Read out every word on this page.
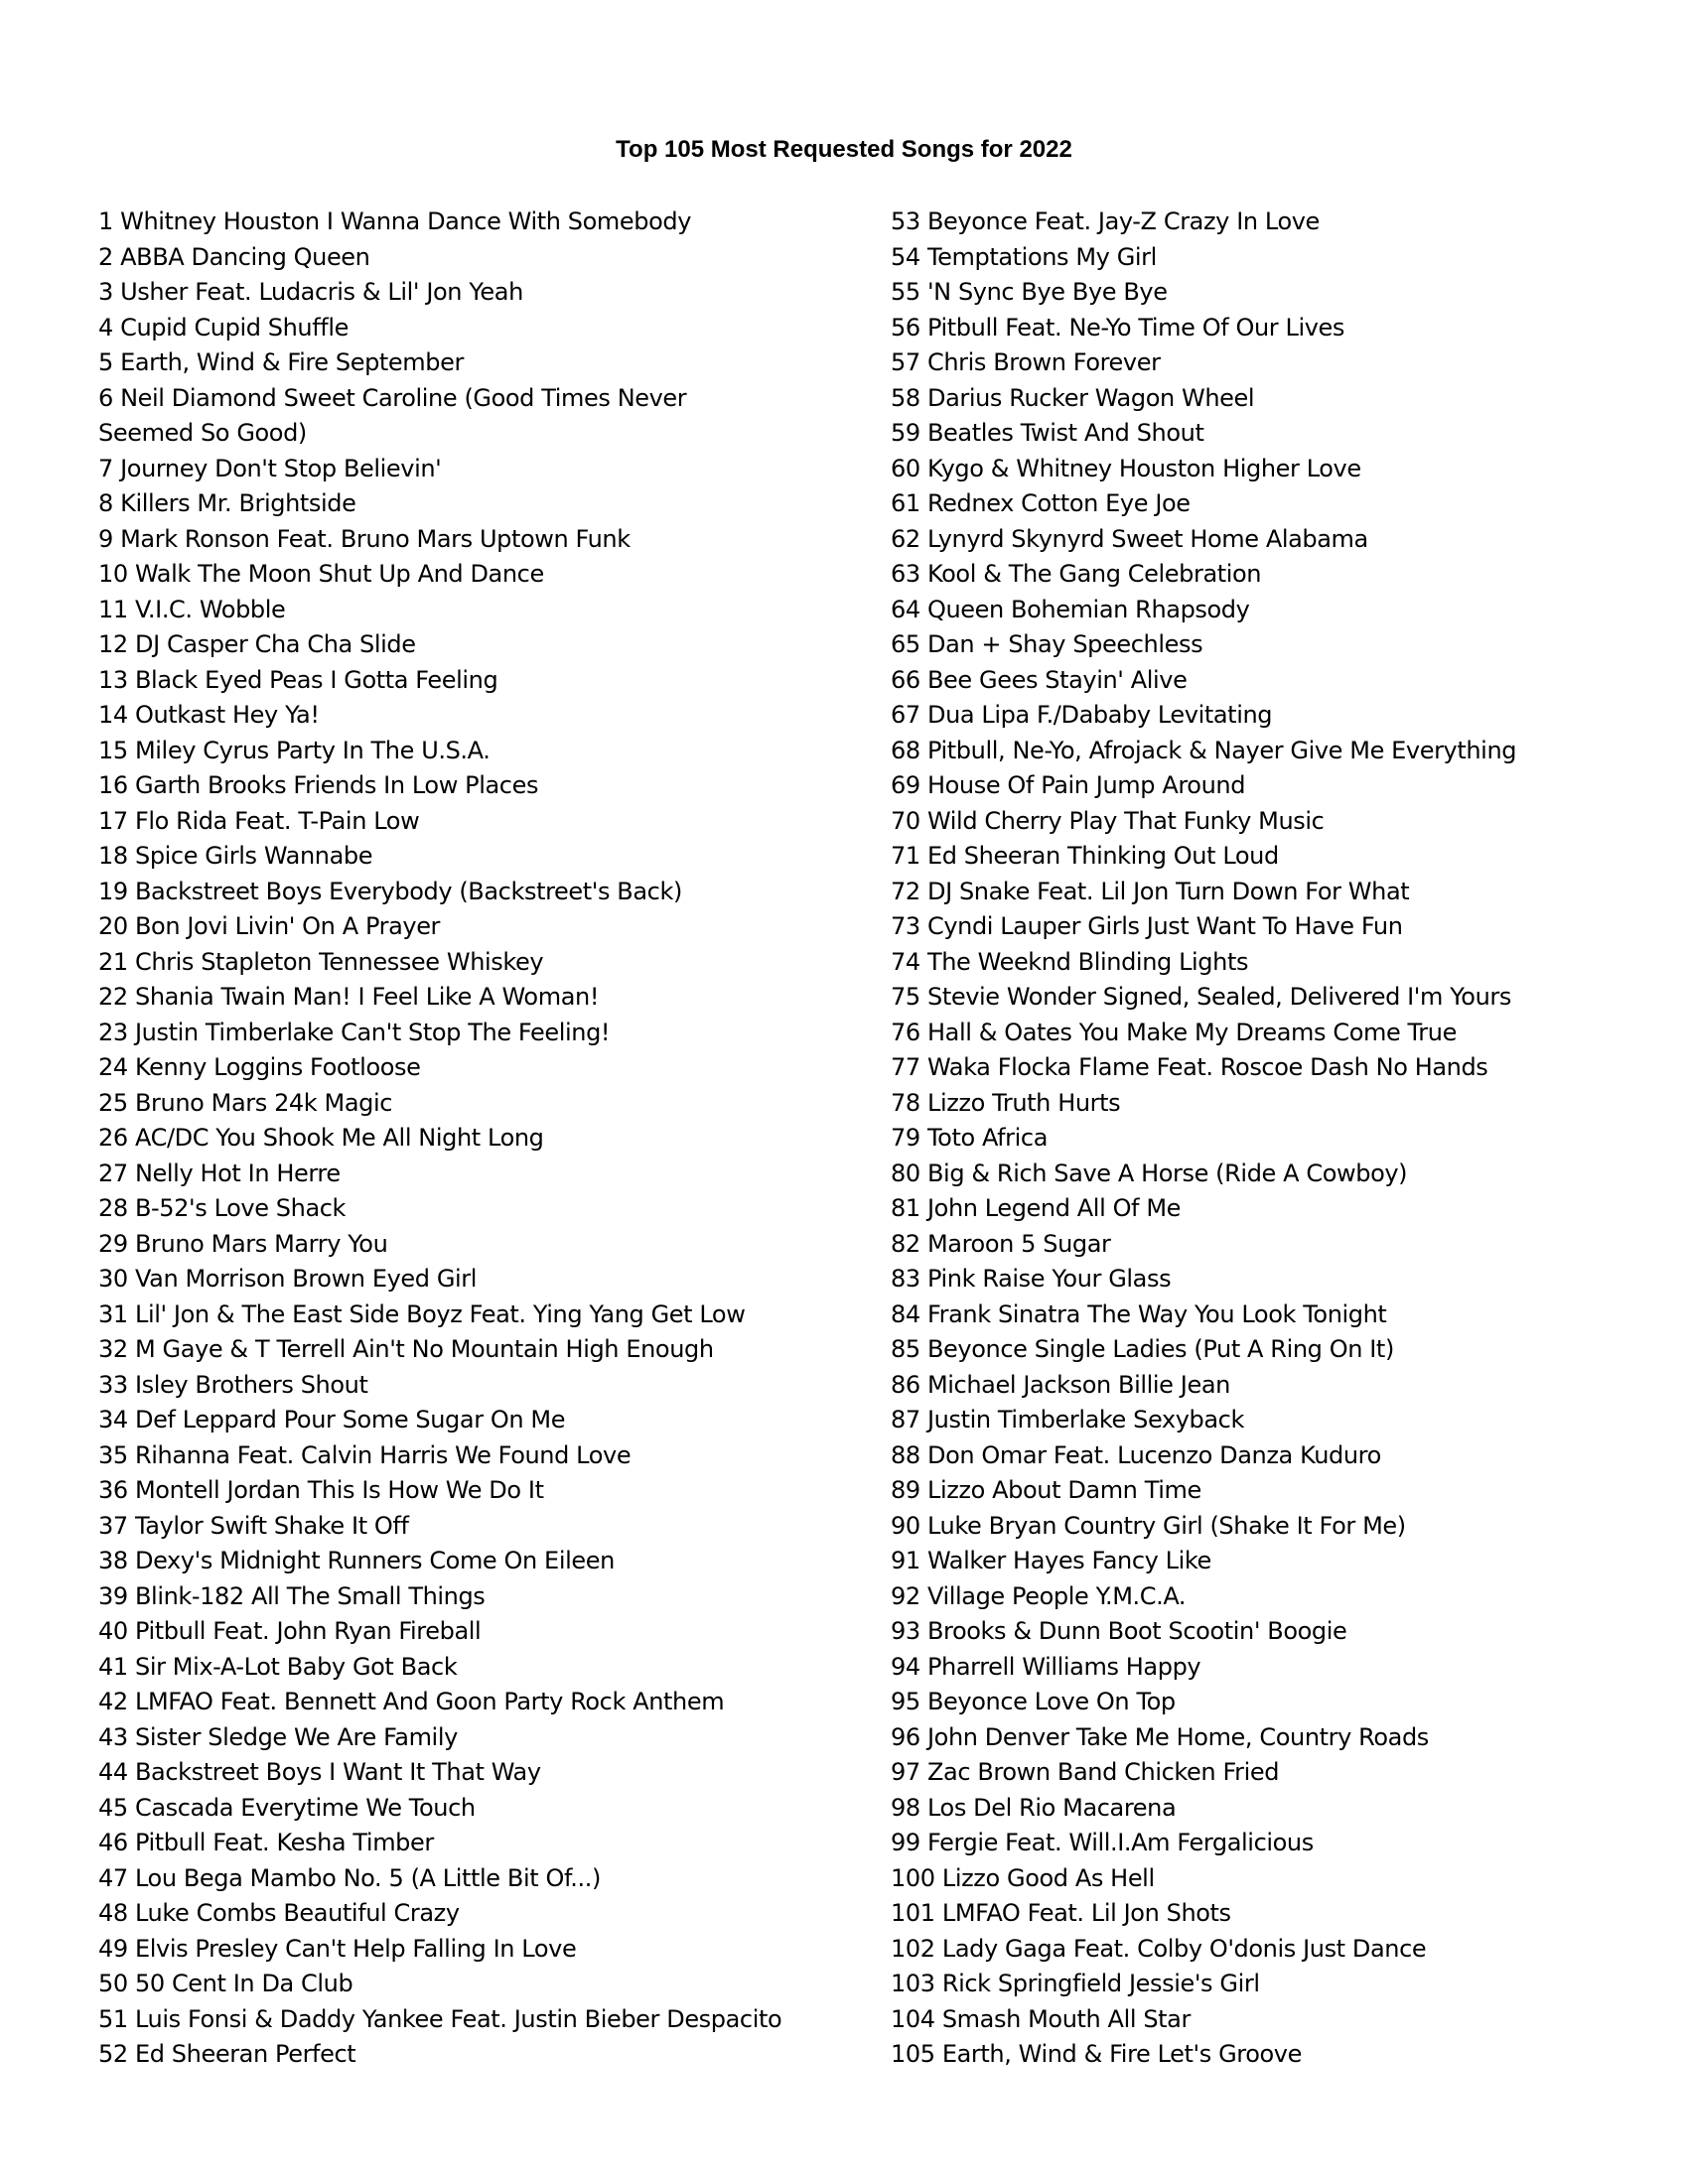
Top 105 Most Requested Songs for 2022
1 Whitney Houston I Wanna Dance With Somebody
2 ABBA Dancing Queen
3 Usher Feat. Ludacris & Lil' Jon Yeah
4 Cupid Cupid Shuffle
5 Earth, Wind & Fire September
6 Neil Diamond Sweet Caroline (Good Times Never
Seemed So Good)
7 Journey Don't Stop Believin'
8 Killers Mr. Brightside
9 Mark Ronson Feat. Bruno Mars Uptown Funk
10 Walk The Moon Shut Up And Dance
11 V.I.C. Wobble
12 DJ Casper Cha Cha Slide
13 Black Eyed Peas I Gotta Feeling
14 Outkast Hey Ya!
15 Miley Cyrus Party In The U.S.A.
16 Garth Brooks Friends In Low Places
17 Flo Rida Feat. T-Pain Low
18 Spice Girls Wannabe
19 Backstreet Boys Everybody (Backstreet's Back)
20 Bon Jovi Livin' On A Prayer
21 Chris Stapleton Tennessee Whiskey
22 Shania Twain Man! I Feel Like A Woman!
23 Justin Timberlake Can't Stop The Feeling!
24 Kenny Loggins Footloose
25 Bruno Mars 24k Magic
26 AC/DC You Shook Me All Night Long
27 Nelly Hot In Herre
28 B-52's Love Shack
29 Bruno Mars Marry You
30 Van Morrison Brown Eyed Girl
31 Lil' Jon & The East Side Boyz Feat. Ying Yang Get Low
32 M Gaye & T Terrell Ain't No Mountain High Enough
33 Isley Brothers Shout
34 Def Leppard Pour Some Sugar On Me
35 Rihanna Feat. Calvin Harris We Found Love
36 Montell Jordan This Is How We Do It
37 Taylor Swift Shake It Off
38 Dexy's Midnight Runners Come On Eileen
39 Blink-182 All The Small Things
40 Pitbull Feat. John Ryan Fireball
41 Sir Mix-A-Lot Baby Got Back
42 LMFAO Feat. Bennett And Goon Party Rock Anthem
43 Sister Sledge We Are Family
44 Backstreet Boys I Want It That Way
45 Cascada Everytime We Touch
46 Pitbull Feat. Kesha Timber
47 Lou Bega Mambo No. 5 (A Little Bit Of...)
48 Luke Combs Beautiful Crazy
49 Elvis Presley Can't Help Falling In Love
50 50 Cent In Da Club
51 Luis Fonsi & Daddy Yankee Feat. Justin Bieber Despacito
52 Ed Sheeran Perfect
53 Beyonce Feat. Jay-Z Crazy In Love
54 Temptations My Girl
55 'N Sync Bye Bye Bye
56 Pitbull Feat. Ne-Yo Time Of Our Lives
57 Chris Brown Forever
58 Darius Rucker Wagon Wheel
59 Beatles Twist And Shout
60 Kygo & Whitney Houston Higher Love
61 Rednex Cotton Eye Joe
62 Lynyrd Skynyrd Sweet Home Alabama
63 Kool & The Gang Celebration
64 Queen Bohemian Rhapsody
65 Dan + Shay Speechless
66 Bee Gees Stayin' Alive
67 Dua Lipa F./Dababy Levitating
68 Pitbull, Ne-Yo, Afrojack & Nayer Give Me Everything
69 House Of Pain Jump Around
70 Wild Cherry Play That Funky Music
71 Ed Sheeran Thinking Out Loud
72 DJ Snake Feat. Lil Jon Turn Down For What
73 Cyndi Lauper Girls Just Want To Have Fun
74 The Weeknd Blinding Lights
75 Stevie Wonder Signed, Sealed, Delivered I'm Yours
76 Hall & Oates You Make My Dreams Come True
77 Waka Flocka Flame Feat. Roscoe Dash No Hands
78 Lizzo Truth Hurts
79 Toto Africa
80 Big & Rich Save A Horse (Ride A Cowboy)
81 John Legend All Of Me
82 Maroon 5 Sugar
83 Pink Raise Your Glass
84 Frank Sinatra The Way You Look Tonight
85 Beyonce Single Ladies (Put A Ring On It)
86 Michael Jackson Billie Jean
87 Justin Timberlake Sexyback
88 Don Omar Feat. Lucenzo Danza Kuduro
89 Lizzo About Damn Time
90 Luke Bryan Country Girl (Shake It For Me)
91 Walker Hayes Fancy Like
92 Village People Y.M.C.A.
93 Brooks & Dunn Boot Scootin' Boogie
94 Pharrell Williams Happy
95 Beyonce Love On Top
96 John Denver Take Me Home, Country Roads
97 Zac Brown Band Chicken Fried
98 Los Del Rio Macarena
99 Fergie Feat. Will.I.Am Fergalicious
100 Lizzo Good As Hell
101 LMFAO Feat. Lil Jon Shots
102 Lady Gaga Feat. Colby O'donis Just Dance
103 Rick Springfield Jessie's Girl
104 Smash Mouth All Star
105 Earth, Wind & Fire Let's Groove
